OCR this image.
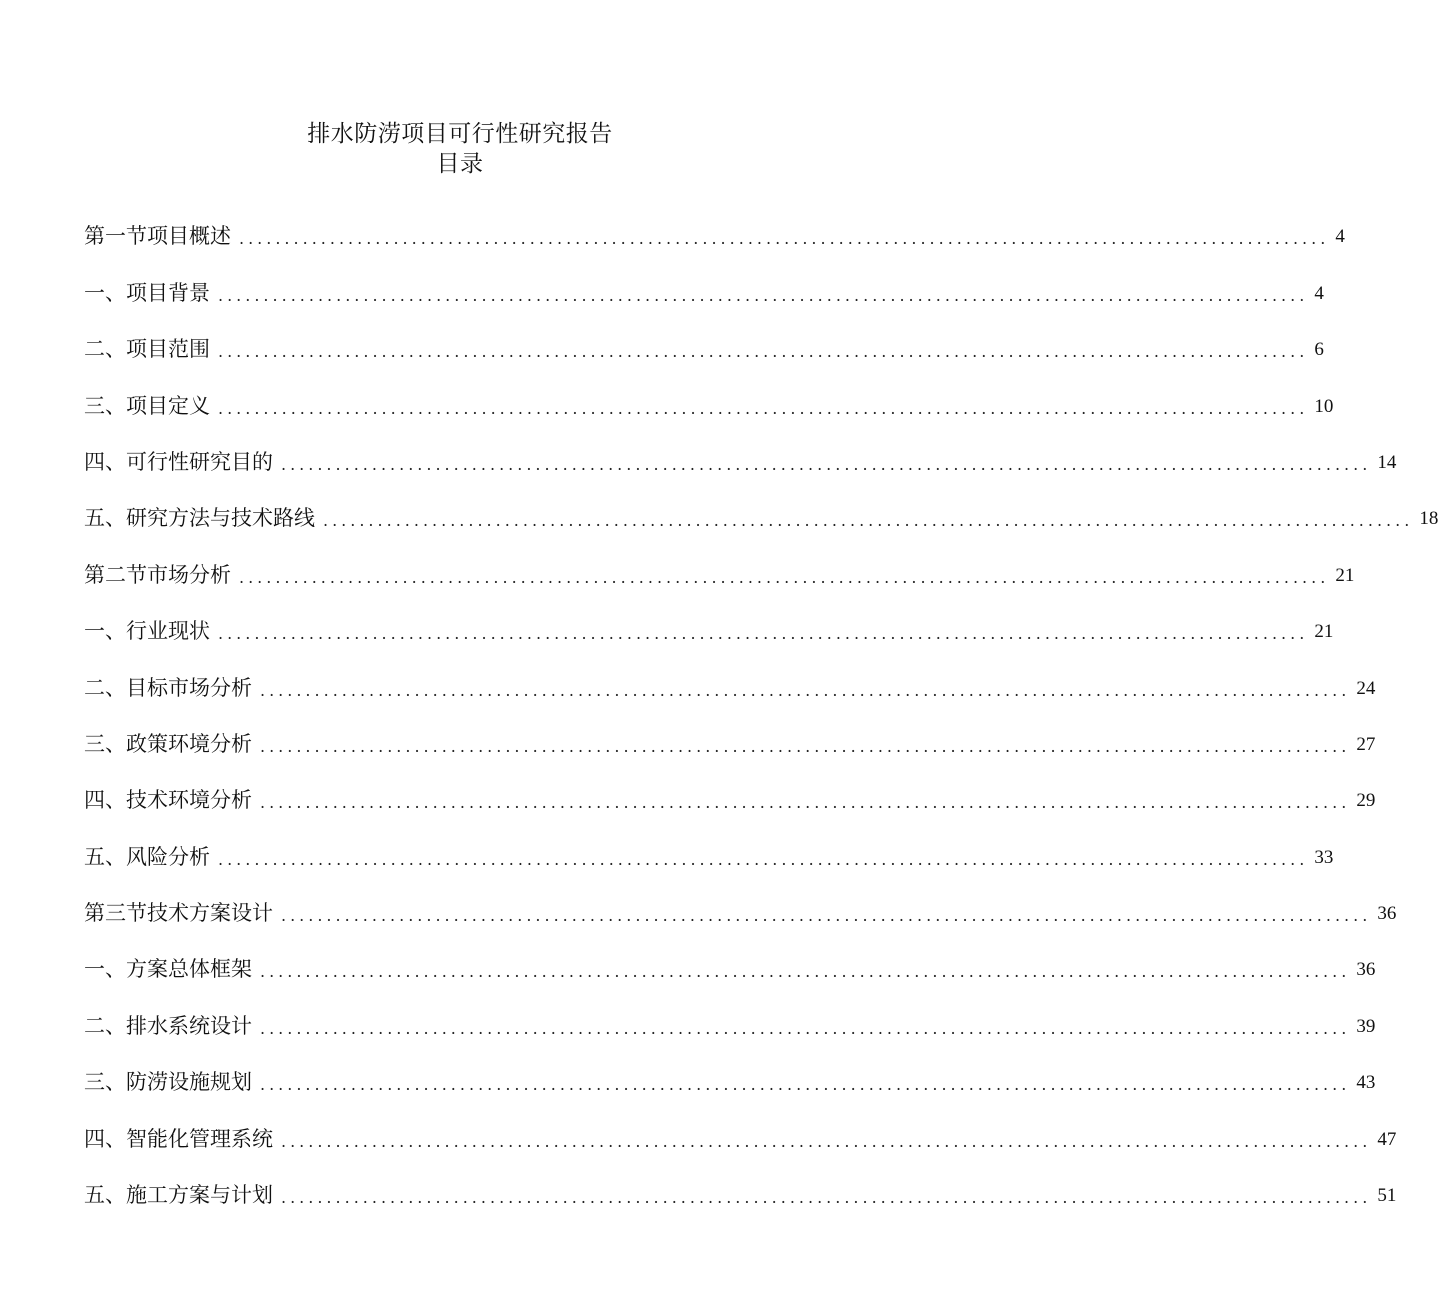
排水防涝项目可行性研究报告
目录
第一节项目概述 ........................................................................................................................ 4
一、项目背景 ........................................................................................................................ 4
二、项目范围 ........................................................................................................................ 6
三、项目定义 ........................................................................................................................ 10
四、可行性研究目的 ........................................................................................................................ 14
五、研究方法与技术路线 ........................................................................................................................ 18
第二节市场分析 ........................................................................................................................ 21
一、行业现状 ........................................................................................................................ 21
二、目标市场分析 ........................................................................................................................ 24
三、政策环境分析 ........................................................................................................................ 27
四、技术环境分析 ........................................................................................................................ 29
五、风险分析 ........................................................................................................................ 33
第三节技术方案设计 ........................................................................................................................ 36
一、方案总体框架 ........................................................................................................................ 36
二、排水系统设计 ........................................................................................................................ 39
三、防涝设施规划 ........................................................................................................................ 43
四、智能化管理系统 ........................................................................................................................ 47
五、施工方案与计划 ........................................................................................................................ 51
